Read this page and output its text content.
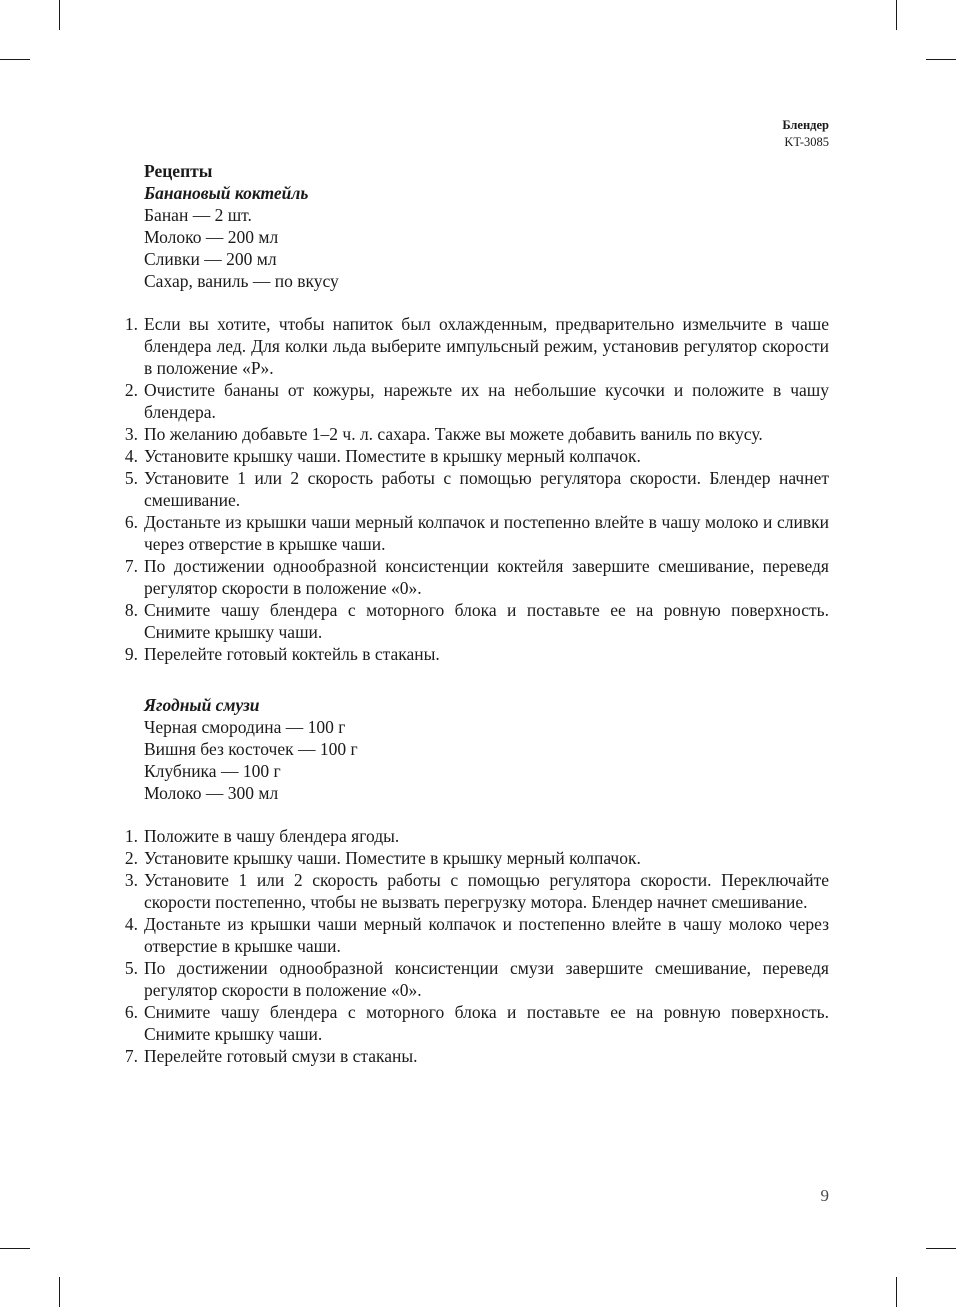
Блендер
KT-3085
Рецепты
Банановый коктейль
Банан — 2 шт.
Молоко — 200 мл
Сливки — 200 мл
Сахар, ваниль — по вкусу
1. Если вы хотите, чтобы напиток был охлажденным, предварительно измельчите в чаше блендера лед. Для колки льда выберите импульсный режим, установив регулятор скорости в положение «P».
2. Очистите бананы от кожуры, нарежьте их на небольшие кусочки и положите в чашу блендера.
3. По желанию добавьте 1–2 ч. л. сахара. Также вы можете добавить ваниль по вкусу.
4. Установите крышку чаши. Поместите в крышку мерный колпачок.
5. Установите 1 или 2 скорость работы с помощью регулятора скорости. Блендер начнет смешивание.
6. Достаньте из крышки чаши мерный колпачок и постепенно влейте в чашу молоко и сливки через отверстие в крышке чаши.
7. По достижении однообразной консистенции коктейля завершите смешивание, переведя регулятор скорости в положение «0».
8. Снимите чашу блендера с моторного блока и поставьте ее на ровную поверхность. Снимите крышку чаши.
9. Перелейте готовый коктейль в стаканы.
Ягодный смузи
Черная смородина — 100 г
Вишня без косточек — 100 г
Клубника — 100 г
Молоко — 300 мл
1. Положите в чашу блендера ягоды.
2. Установите крышку чаши. Поместите в крышку мерный колпачок.
3. Установите 1 или 2 скорость работы с помощью регулятора скорости. Переключайте скорости постепенно, чтобы не вызвать перегрузку мотора. Блендер начнет смешивание.
4. Достаньте из крышки чаши мерный колпачок и постепенно влейте в чашу молоко через отверстие в крышке чаши.
5. По достижении однообразной консистенции смузи завершите смешивание, переведя регулятор скорости в положение «0».
6. Снимите чашу блендера с моторного блока и поставьте ее на ровную поверхность. Снимите крышку чаши.
7. Перелейте готовый смузи в стаканы.
9
